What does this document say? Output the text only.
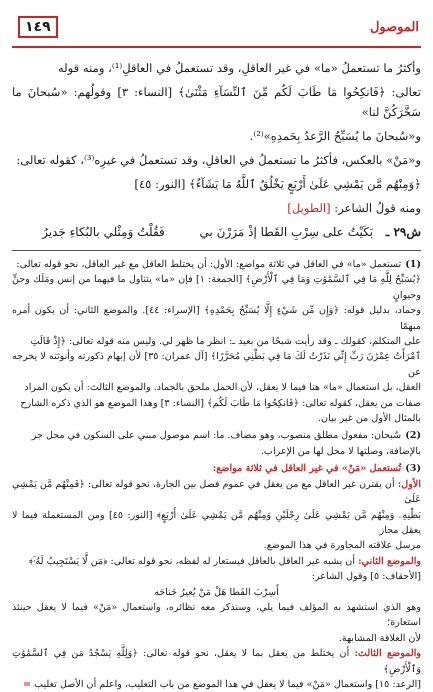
الموصول
١٤٩

وأكثرُ ما تستعملُ «ما» في غير العاقلِ، وقد تستعملُ في العاقلِ⁽¹⁾، ومنه قوله

تعالى: ﴿فَانكِحُوا مَا طَابَ لَكُم مِّنَ ٱلنِّسَآءِ مَثْنَىٰ﴾ [النساء: ٣] وقولُهم: «سُبحانَ ما سَخَّرَكُنَّ لنا»

و«سُبحانَ ما يُسَبِّحُ الرَّعدُ بِحَمدِهِ»⁽²⁾.

و«مَنْ» بالعكس، فأكثرُ ما تستعملُ في العاقلِ، وقد تستعملُ في غيرِه⁽³⁾، كقوله تعالى:

﴿وَمِنْهُم مَّن يَمْشِي عَلَىٰ أَرْبَعٍ يَخْلُقُ ٱللَّهُ مَا يَشَآءُ﴾ [النور: ٤٥]

ومنه قولُ الشاعر: [الطويل]

ش٢٩ ـ
بَكَيْتُ على سِرْبِ القَطا إذْ مَرَرْنَ بي
فَقُلْتُ وَمِثْلي بالبُكاءِ جَديرُ

(1)تستعمل «ما» في العاقل في ثلاثة مواضع: الأول: أن يختلط العاقل مع غير العاقل، نحو قوله تعالى:

﴿يُسَبِّحُ لِلَّهِ مَا فِي ٱلسَّمَٰوَٰتِ وَمَا فِي ٱلْأَرْضِ﴾ [الجمعة: ١] فإن «ما» يتناول ما فيهما من إنس ومَلَك وجنٍّ وحيوانٍ

وجماد، بدليل قوله: ﴿وَإِن مِّن شَيْءٍ إِلَّا يُسَبِّحُ بِحَمْدِهِ﴾ [الإسراء: ٤٤]. والموضع الثاني: أن يكون أمره مبهمًا

على المتكلم، كقولك ـ وقد رأيت شبحًا من بعيد ـ: انظر ما ظهر لي. وليس منه قوله تعالى: ﴿إِذْ قَالَتِ

ٱمْرَأَتُ عِمْرَٰنَ رَبِّ إِنِّي نَذَرْتُ لَكَ مَا فِي بَطْنِي مُحَرَّرًا﴾ [آل عمران: ٣٥] لأن إبهام ذكورته وأنوثته لا يخرجه عن

العقل، بل استعمال «ما» هنا فيما لا يعقل، لأن الحمل ملحق بالجماد. والموضع الثالث: أن يكون المراد

صفات من يعقل، كقوله تعالى: ﴿فَانكِحُوا مَا طَابَ لَكُم﴾ [النساء: ٣] وهذا الموضع هو الذي ذكره الشارح

بالمثال الأول من غير بيان.

(2)سُبحان: مفعول مطلق منصوب، وهو مضاف. ما: اسم موصول مبني على السكون في محل جر

بالإضافة، وصلتها لا محل لها من الإعراب.

(3)تُستعمل «مَنْ» في غير العاقل في ثلاثة مواضع:

الأول: أن يقترن غير العاقل مع من يعقل في عموم فصل بين الجارة، نحو قوله تعالى: ﴿فَمِنْهُم مَّن يَمْشِي عَلَىٰ

بَطْنِهِۦ وَمِنْهُم مَّن يَمْشِي عَلَىٰ رِجْلَيْنِ وَمِنْهُم مَّن يَمْشِي عَلَىٰ أَرْبَعٍ﴾ [النور: ٤٥] ومن المستعملة فيما لا يعقل مجاز

مرسل علاقته المجاورة في هذا الموضع.

والموضع الثاني: أن يشبه غير العاقل بالعاقل فيستعار له لفظه، نحو قوله تعالى: ﴿مَن لَّا يَسْتَجِيبُ لَهُۥٓ﴾

[الأحقاف: ٥] وقول الشاعر:

أَسِرْبَ القَطا هَلْ مَنْ يُعيرُ جَناحَه

وهو الذي استشهد به المؤلف فيما يلي، وسنذكر معه نظائره، واستعمال «مَنْ» فيما لا يعقل حينئذ استعارة؛

لأن العلاقة المشابهة.

والموضع الثالث: أن يختلط من يعقل بما لا يعقل، نحو قوله تعالى: ﴿وَلِلَّهِ يَسْجُدُ مَن فِي ٱلسَّمَٰوَٰتِ وَٱلْأَرْضِ﴾

[الرعد: ١٥] واستعمال «مَنْ» فيما لا يعقل في هذا الموضع من باب التغليب، واعلم أن الأصل تغليب =
